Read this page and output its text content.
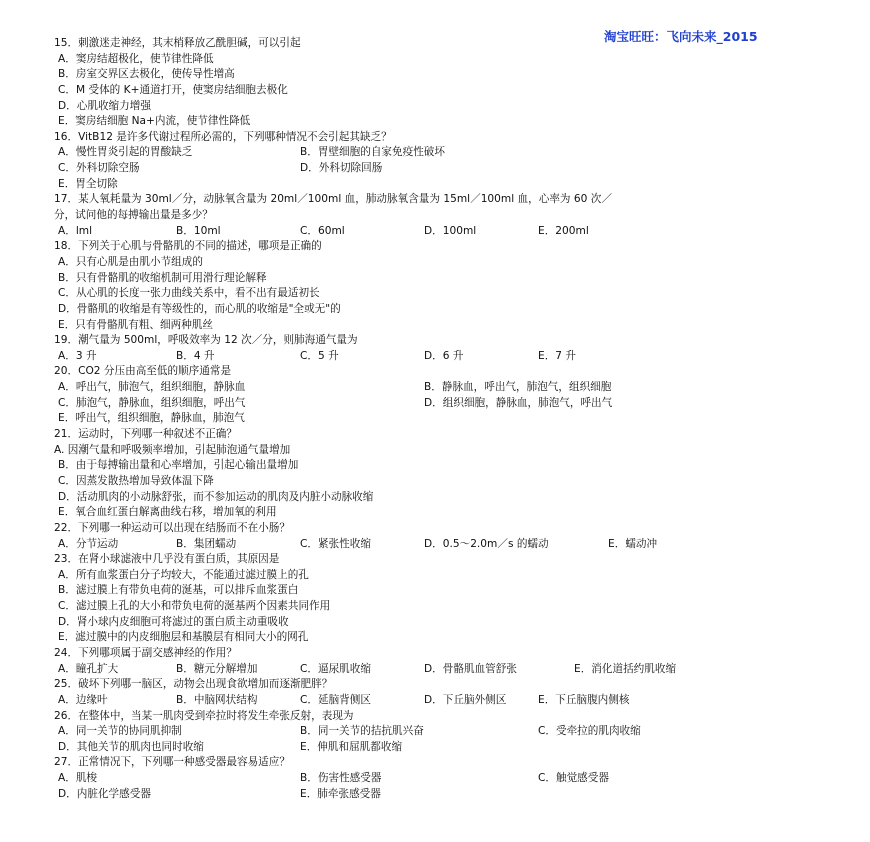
淘宝旺旺：飞向未来_2015
15．刺激迷走神经，其末梢释放乙酰胆碱，可以引起
A．窦房结超极化，使节律性降低
B．房室交界区去极化，使传导性增高
C．M 受体的 K+通道打开，使窦房结细胞去极化
D．心肌收缩力增强
E．窦房结细胞 Na+内流，使节律性降低
16．VitB12 是许多代谢过程所必需的，下列哪种情况不会引起其缺乏？
A．慢性胃炎引起的胃酸缺乏	B．胃壁细胞的自家免疫性破坏
C．外科切除空肠	D．外科切除回肠
E．胃全切除
17．某人氧耗量为 30ml／分，动脉氧含量为 20ml／100ml 血，肺动脉氧含量为 15ml／100ml 血，心率为 60 次／
分，试问他的每搏输出量是多少？
A．lml	B．10ml	C．60ml	D．100ml	E．200ml
18．下列关于心肌与骨骼肌的不同的描述，哪项是正确的
A．只有心肌是由肌小节组成的
B．只有骨骼肌的收缩机制可用滑行理论解释
C．从心肌的长度一张力曲线关系中，看不出有最适初长
D．骨骼肌的收缩是有等级性的，而心肌的收缩是"全或无"的
E．只有骨骼肌有粗、细两种肌丝
19．潮气量为 500ml，呼吸效率为 12 次／分，则肺海通气量为
A．3 升	B．4 升	C．5 升	D．6 升	E．7 升
20．CO2 分压由高至低的顺序通常是
A．呼出气，肺泡气，组织细胞，静脉血	B．静脉血，呼出气，肺泡气，组织细胞
C．肺泡气，静脉血，组织细胞，呼出气	D．组织细胞，静脉血，肺泡气，呼出气
E．呼出气，组织细胞，静脉血，肺泡气
21．运动时，下列哪一种叙述不正确？
A. 因潮气量和呼吸频率增加，引起肺泡通气量增加
B．由于每搏输出量和心率增加，引起心输出量增加
C．因蒸发散热增加导致体温下降
D．活动肌肉的小动脉舒张，而不参加运动的肌肉及内脏小动脉收缩
E．氧合血红蛋白解离曲线右移，增加氧的利用
22．下列哪一种运动可以出现在结肠而不在小肠？
A．分节运动	B．集团蠕动	C．紧张性收缩	D．0.5～2.0m／s 的蠕动	E．蠕动冲
23．在肾小球滤液中几乎没有蛋白质，其原因是
A．所有血浆蛋白分子均较大，不能通过滤过膜上的孔
B．滤过膜上有带负电荷的涎基，可以排斥血浆蛋白
C．滤过膜上孔的大小和带负电荷的涎基两个因素共同作用
D．肾小球内皮细胞可将滤过的蛋白质主动重吸收
E．滤过膜中的内皮细胞层和基膜层有相同大小的网孔
24．下列哪项属于副交感神经的作用？
A．瞳孔扩大	B．糖元分解增加	C．逼尿肌收缩	D．骨骼肌血管舒张	E．消化道括约肌收缩
25．破坏下列哪一脑区，动物会出现食欲增加而逐渐肥胖？
A．边缘叶	B．中脑网状结构	C．延脑背侧区	D．下丘脑外侧区	E．下丘脑腹内侧核
26．在整体中，当某一肌肉受到牵拉时将发生牵张反射，表现为
A．同一关节的协同肌抑制	B．同一关节的拮抗肌兴奋	C．受牵拉的肌肉收缩
D．其他关节的肌肉也同时收缩	E．伸肌和屈肌都收缩
27．正常情况下，下列哪一种感受器最容易适应？
A．肌梭	B．伤害性感受器	C．触觉感受器
D．内脏化学感受器	E．肺牵张感受器
